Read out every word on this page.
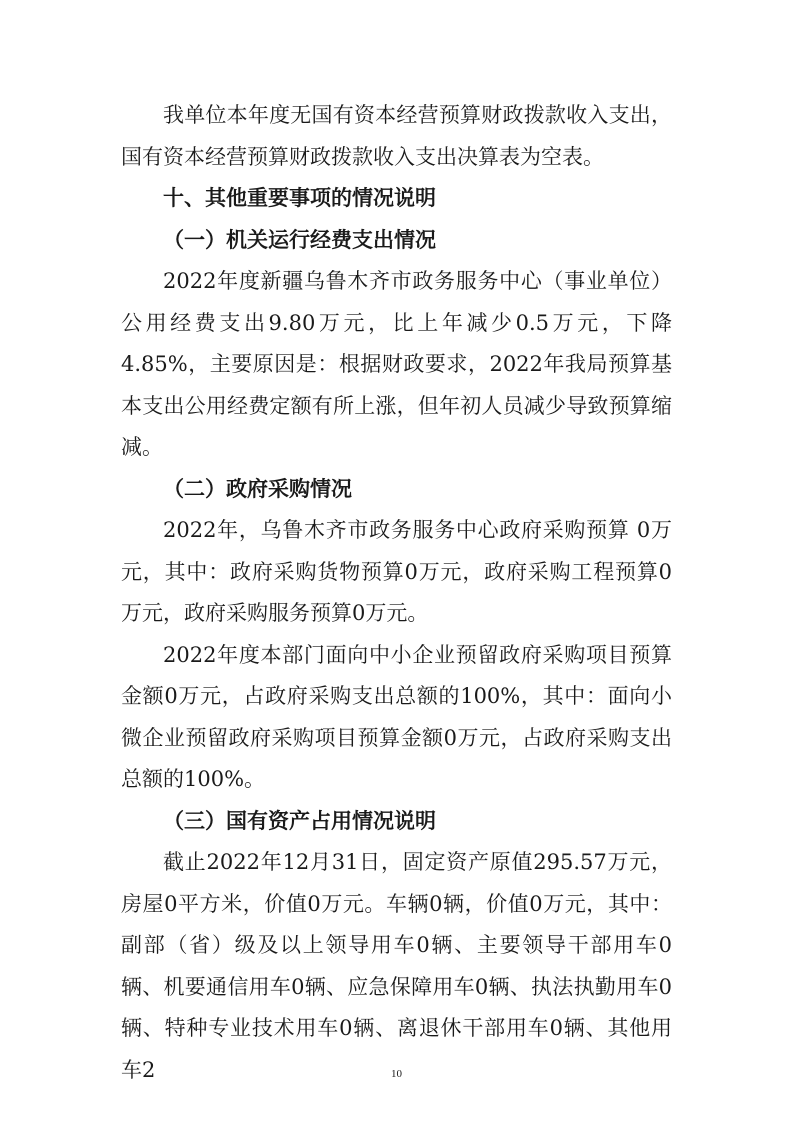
我单位本年度无国有资本经营预算财政拨款收入支出，国有资本经营预算财政拨款收入支出决算表为空表。

十、其他重要事项的情况说明

（一）机关运行经费支出情况

2022年度新疆乌鲁木齐市政务服务中心（事业单位）公用经费支出9.80万元，比上年减少0.5万元，下降4.85%，主要原因是：根据财政要求，2022年我局预算基本支出公用经费定额有所上涨，但年初人员减少导致预算缩减。

（二）政府采购情况

2022年，乌鲁木齐市政务服务中心政府采购预算 0万元，其中：政府采购货物预算0万元，政府采购工程预算0万元，政府采购服务预算0万元。

2022年度本部门面向中小企业预留政府采购项目预算金额0万元，占政府采购支出总额的100%，其中：面向小微企业预留政府采购项目预算金额0万元，占政府采购支出总额的100%。

（三）国有资产占用情况说明

截止2022年12月31日，固定资产原值295.57万元，房屋0平方米，价值0万元。车辆0辆，价值0万元，其中：副部（省）级及以上领导用车0辆、主要领导干部用车0辆、机要通信用车0辆、应急保障用车0辆、执法执勤用车0辆、特种专业技术用车0辆、离退休干部用车0辆、其他用车2	10
